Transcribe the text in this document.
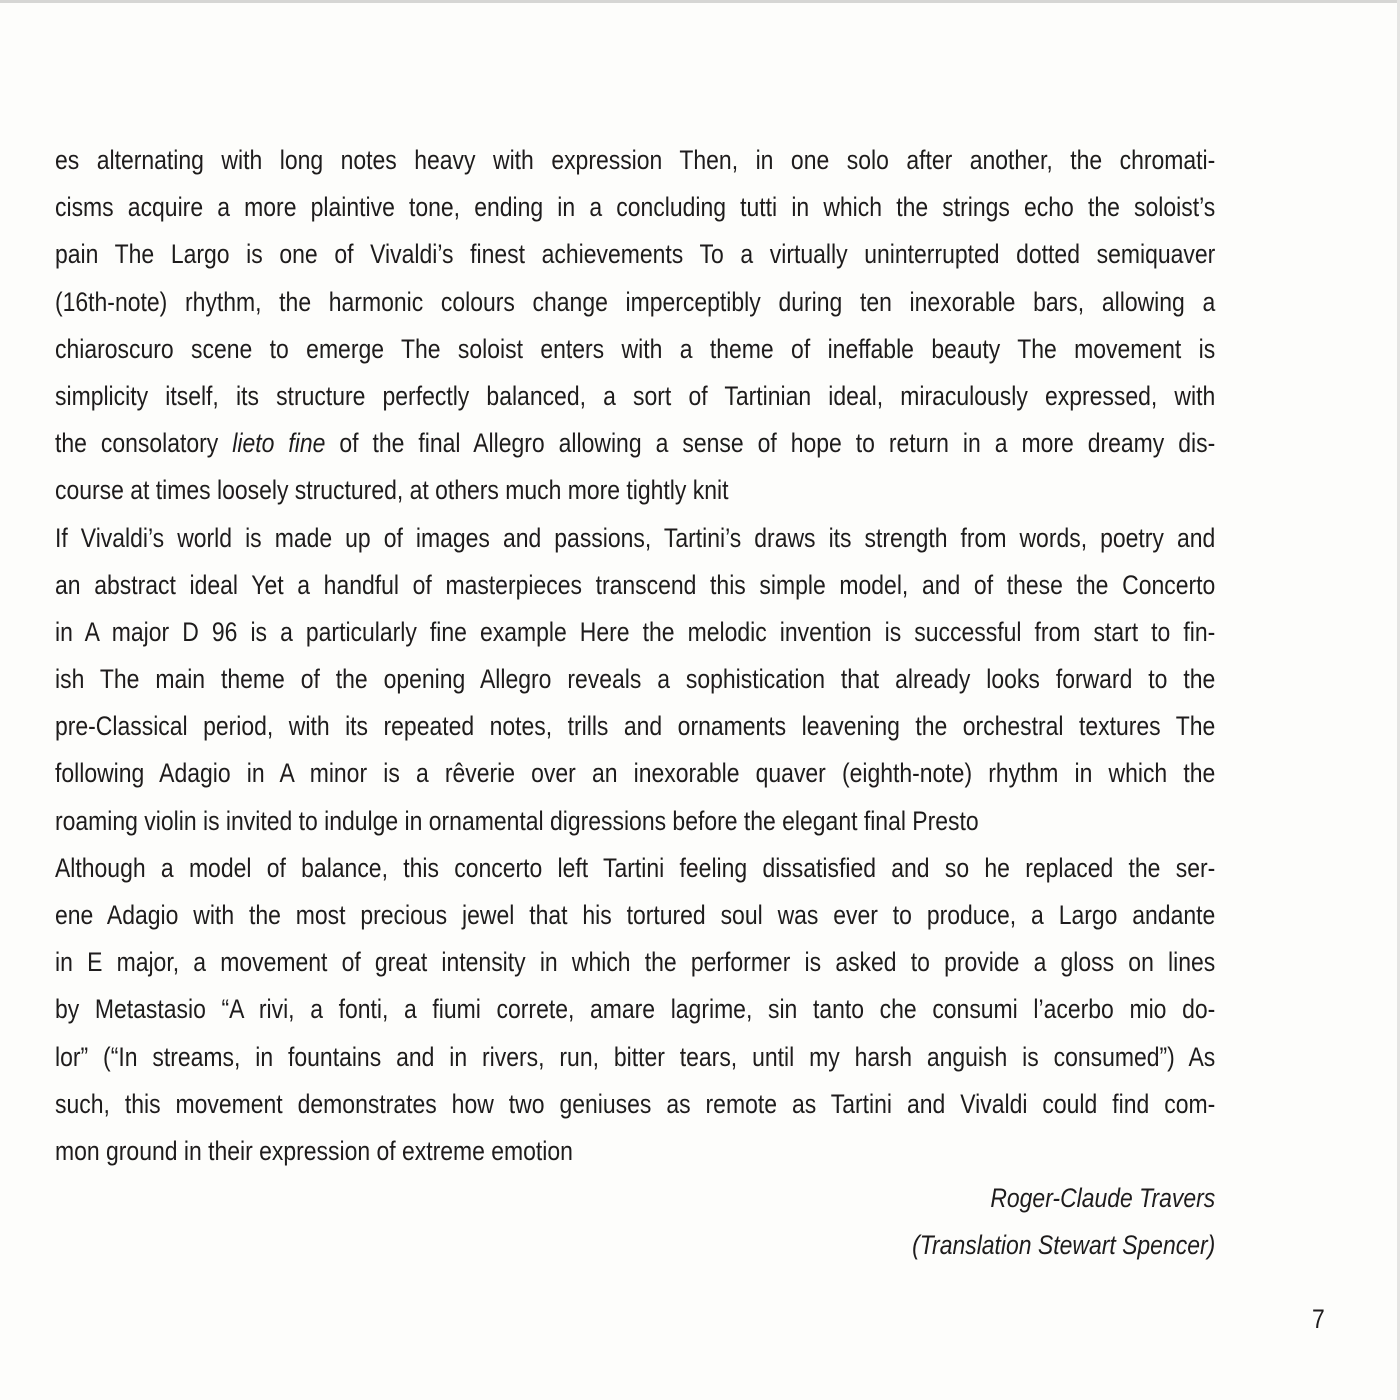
es alternating with long notes heavy with expression Then, in one solo after another, the chromati-
cisms acquire a more plaintive tone, ending in a concluding tutti in which the strings echo the soloist’s
pain The Largo is one of Vivaldi’s finest achievements To a virtually uninterrupted dotted semiquaver
(16th-note) rhythm, the harmonic colours change imperceptibly during ten inexorable bars, allowing a
chiaroscuro scene to emerge The soloist enters with a theme of ineffable beauty The movement is
simplicity itself, its structure perfectly balanced, a sort of Tartinian ideal, miraculously expressed, with
the consolatory lieto fine of the final Allegro allowing a sense of hope to return in a more dreamy dis-
course at times loosely structured, at others much more tightly knit
If Vivaldi’s world is made up of images and passions, Tartini’s draws its strength from words, poetry and
an abstract ideal Yet a handful of masterpieces transcend this simple model, and of these the Concerto
in A major D 96 is a particularly fine example Here the melodic invention is successful from start to fin-
ish The main theme of the opening Allegro reveals a sophistication that already looks forward to the
pre-Classical period, with its repeated notes, trills and ornaments leavening the orchestral textures The
following Adagio in A minor is a rêverie over an inexorable quaver (eighth-note) rhythm in which the
roaming violin is invited to indulge in ornamental digressions before the elegant final Presto
Although a model of balance, this concerto left Tartini feeling dissatisfied and so he replaced the ser-
ene Adagio with the most precious jewel that his tortured soul was ever to produce, a Largo andante
in E major, a movement of great intensity in which the performer is asked to provide a gloss on lines
by Metastasio “A rivi, a fonti, a fiumi correte, amare lagrime, sin tanto che consumi l’acerbo mio do-
lor” (“In streams, in fountains and in rivers, run, bitter tears, until my harsh anguish is consumed”) As
such, this movement demonstrates how two geniuses as remote as Tartini and Vivaldi could find com-
mon ground in their expression of extreme emotion
Roger-Claude Travers
(Translation Stewart Spencer)
7
